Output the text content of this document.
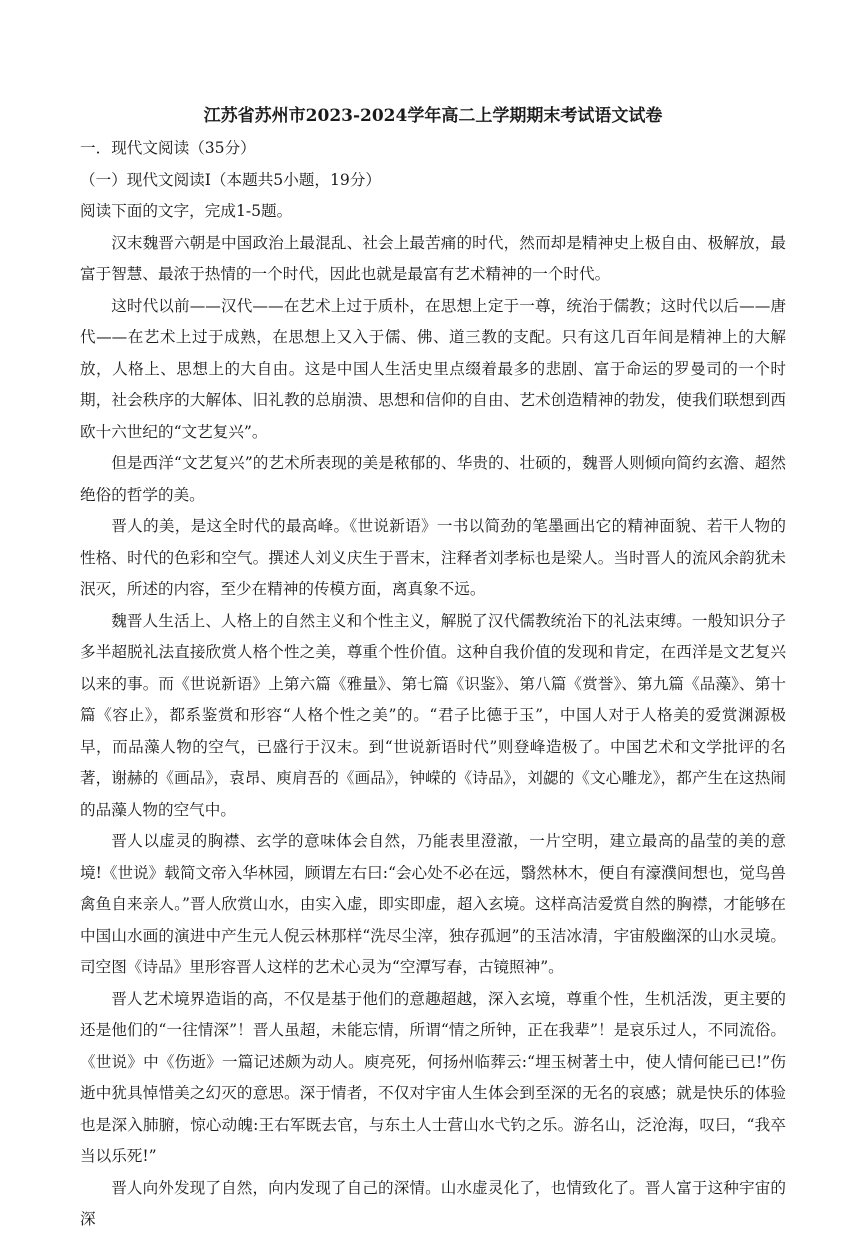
江苏省苏州市2023-2024学年高二上学期期末考试语文试卷

一．现代文阅读（35分）

（一）现代文阅读Ⅰ（本题共5小题，19分）

阅读下面的文字，完成1-5题。

汉末魏晋六朝是中国政治上最混乱、社会上最苦痛的时代，然而却是精神史上极自由、极解放，最富于智慧、最浓于热情的一个时代，因此也就是最富有艺术精神的一个时代。

这时代以前——汉代——在艺术上过于质朴，在思想上定于一尊，统治于儒教；这时代以后——唐代——在艺术上过于成熟，在思想上又入于儒、佛、道三教的支配。只有这几百年间是精神上的大解放，人格上、思想上的大自由。这是中国人生活史里点缀着最多的悲剧、富于命运的罗曼司的一个时期，社会秩序的大解体、旧礼教的总崩溃、思想和信仰的自由、艺术创造精神的勃发，使我们联想到西欧十六世纪的“文艺复兴”。

但是西洋“文艺复兴”的艺术所表现的美是秾郁的、华贵的、壮硕的，魏晋人则倾向简约玄澹、超然绝俗的哲学的美。

晋人的美，是这全时代的最高峰。《世说新语》一书以简劲的笔墨画出它的精神面貌、若干人物的性格、时代的色彩和空气。撰述人刘义庆生于晋末，注释者刘孝标也是梁人。当时晋人的流风余韵犹未泯灭，所述的内容，至少在精神的传模方面，离真象不远。

魏晋人生活上、人格上的自然主义和个性主义，解脱了汉代儒教统治下的礼法束缚。一般知识分子多半超脱礼法直接欣赏人格个性之美，尊重个性价值。这种自我价值的发现和肯定，在西洋是文艺复兴以来的事。而《世说新语》上第六篇《雅量》、第七篇《识鉴》、第八篇《赏誉》、第九篇《品藻》、第十篇《容止》，都系鉴赏和形容“人格个性之美”的。“君子比德于玉”，中国人对于人格美的爱赏渊源极早，而品藻人物的空气，已盛行于汉末。到“世说新语时代”则登峰造极了。中国艺术和文学批评的名著，谢赫的《画品》，袁昂、庾肩吾的《画品》，钟嵘的《诗品》，刘勰的《文心雕龙》，都产生在这热闹的品藻人物的空气中。

晋人以虚灵的胸襟、玄学的意味体会自然，乃能表里澄澈，一片空明，建立最高的晶莹的美的意境!《世说》载简文帝入华林园，顾谓左右曰:“会心处不必在远，翳然林木，便自有濠濮间想也，觉鸟兽禽鱼自来亲人。”晋人欣赏山水，由实入虚，即实即虚，超入玄境。这样高洁爱赏自然的胸襟，才能够在中国山水画的演进中产生元人倪云林那样“洗尽尘滓，独存孤迥”的玉洁冰清，宇宙般幽深的山水灵境。司空图《诗品》里形容晋人这样的艺术心灵为“空潭写春，古镜照神”。

晋人艺术境界造诣的高，不仅是基于他们的意趣超越，深入玄境，尊重个性，生机活泼，更主要的还是他们的“一往情深”！晋人虽超，未能忘情，所谓“情之所钟，正在我辈”！是哀乐过人，不同流俗。《世说》中《伤逝》一篇记述颇为动人。庾亮死，何扬州临葬云:“埋玉树著土中，使人情何能已已!”伤逝中犹具悼惜美之幻灭的意思。深于情者，不仅对宇宙人生体会到至深的无名的哀感；就是快乐的体验也是深入肺腑，惊心动魄:王右军既去官，与东土人士营山水弋钓之乐。游名山，泛沧海，叹曰，“我卒当以乐死!”

晋人向外发现了自然，向内发现了自己的深情。山水虚灵化了，也情致化了。晋人富于这种宇宙的深
